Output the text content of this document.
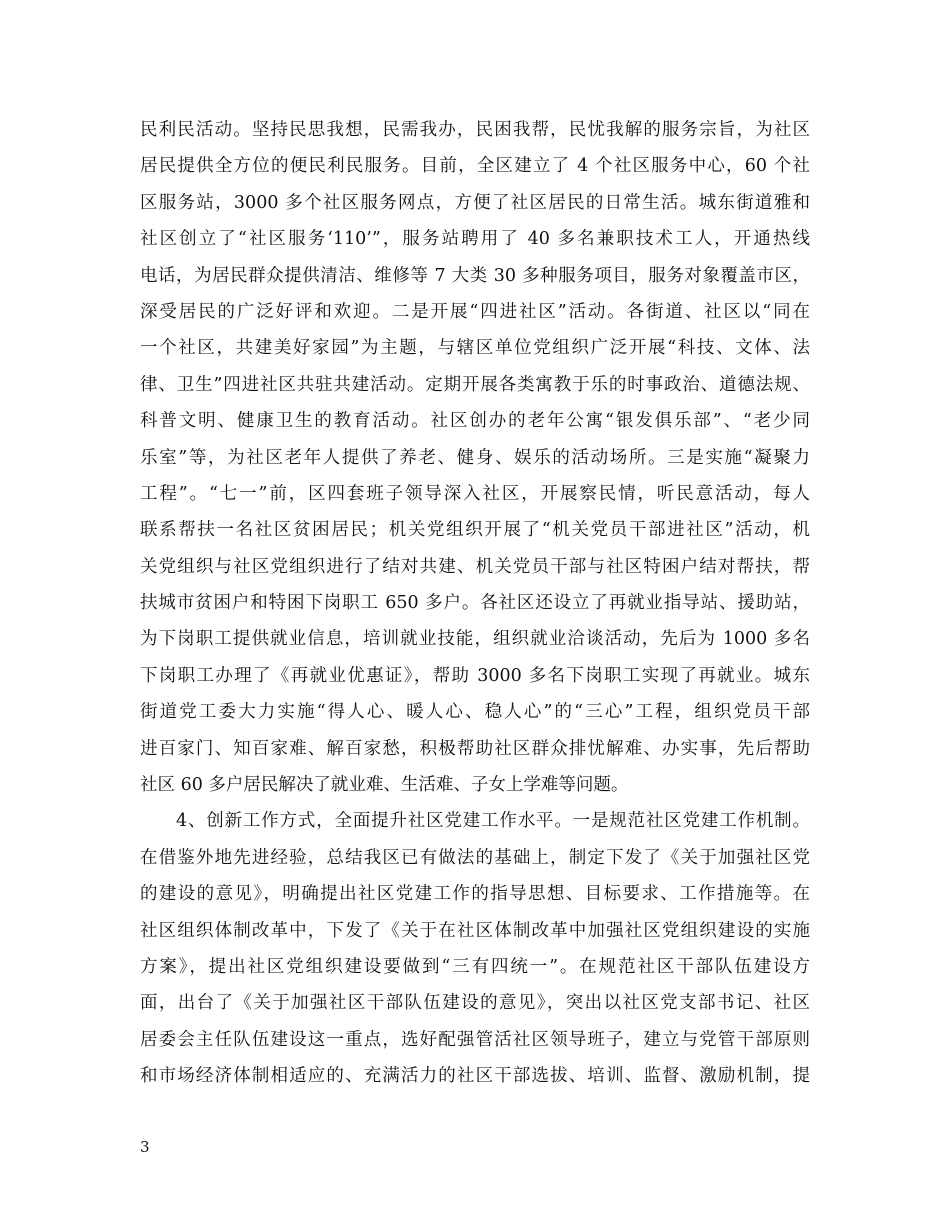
民利民活动。坚持民思我想，民需我办，民困我帮，民忧我解的服务宗旨，为社区
居民提供全方位的便民利民服务。目前，全区建立了 4 个社区服务中心，60 个社
区服务站，3000 多个社区服务网点，方便了社区居民的日常生活。城东街道雅和
社区创立了“社区服务‘110’”，服务站聘用了 40 多名兼职技术工人，开通热线
电话，为居民群众提供清洁、维修等 7 大类 30 多种服务项目，服务对象覆盖市区，
深受居民的广泛好评和欢迎。二是开展“四进社区”活动。各街道、社区以“同在
一个社区，共建美好家园”为主题，与辖区单位党组织广泛开展“科技、文体、法
律、卫生”四进社区共驻共建活动。定期开展各类寓教于乐的时事政治、道德法规、
科普文明、健康卫生的教育活动。社区创办的老年公寓“银发俱乐部”、“老少同
乐室”等，为社区老年人提供了养老、健身、娱乐的活动场所。三是实施“凝聚力
工程”。“七一”前，区四套班子领导深入社区，开展察民情，听民意活动，每人
联系帮扶一名社区贫困居民；机关党组织开展了“机关党员干部进社区”活动，机
关党组织与社区党组织进行了结对共建、机关党员干部与社区特困户结对帮扶，帮
扶城市贫困户和特困下岗职工 650 多户。各社区还设立了再就业指导站、援助站，
为下岗职工提供就业信息，培训就业技能，组织就业洽谈活动，先后为 1000 多名
下岗职工办理了《再就业优惠证》，帮助 3000 多名下岗职工实现了再就业。城东
街道党工委大力实施“得人心、暖人心、稳人心”的“三心”工程，组织党员干部
进百家门、知百家难、解百家愁，积极帮助社区群众排忧解难、办实事，先后帮助
社区 60 多户居民解决了就业难、生活难、子女上学难等问题。
4、创新工作方式，全面提升社区党建工作水平。一是规范社区党建工作机制。
在借鉴外地先进经验，总结我区已有做法的基础上，制定下发了《关于加强社区党
的建设的意见》，明确提出社区党建工作的指导思想、目标要求、工作措施等。在
社区组织体制改革中，下发了《关于在社区体制改革中加强社区党组织建设的实施
方案》，提出社区党组织建设要做到“三有四统一”。在规范社区干部队伍建设方
面，出台了《关于加强社区干部队伍建设的意见》，突出以社区党支部书记、社区
居委会主任队伍建设这一重点，选好配强管活社区领导班子，建立与党管干部原则
和市场经济体制相适应的、充满活力的社区干部选拔、培训、监督、激励机制，提
3
